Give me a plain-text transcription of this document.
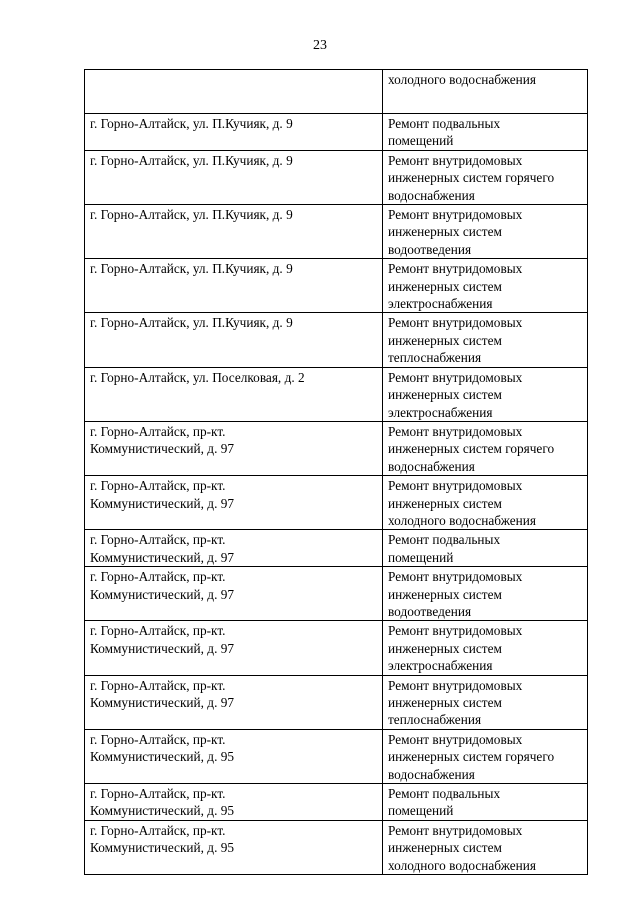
23
	холодного водоснабжения
г. Горно-Алтайск, ул. П.Кучияк, д. 9	Ремонт подвальных
помещений
г. Горно-Алтайск, ул. П.Кучияк, д. 9	Ремонт внутридомовых
инженерных систем горячего
водоснабжения
г. Горно-Алтайск, ул. П.Кучияк, д. 9	Ремонт внутридомовых
инженерных систем
водоотведения
г. Горно-Алтайск, ул. П.Кучияк, д. 9	Ремонт внутридомовых
инженерных систем
электроснабжения
г. Горно-Алтайск, ул. П.Кучияк, д. 9	Ремонт внутридомовых
инженерных систем
теплоснабжения
г. Горно-Алтайск, ул. Поселковая, д. 2	Ремонт внутридомовых
инженерных систем
электроснабжения
г. Горно-Алтайск, пр-кт.
Коммунистический, д. 97	Ремонт внутридомовых
инженерных систем горячего
водоснабжения
г. Горно-Алтайск, пр-кт.
Коммунистический, д. 97	Ремонт внутридомовых
инженерных систем
холодного водоснабжения
г. Горно-Алтайск, пр-кт.
Коммунистический, д. 97	Ремонт подвальных
помещений
г. Горно-Алтайск, пр-кт.
Коммунистический, д. 97	Ремонт внутридомовых
инженерных систем
водоотведения
г. Горно-Алтайск, пр-кт.
Коммунистический, д. 97	Ремонт внутридомовых
инженерных систем
электроснабжения
г. Горно-Алтайск, пр-кт.
Коммунистический, д. 97	Ремонт внутридомовых
инженерных систем
теплоснабжения
г. Горно-Алтайск, пр-кт.
Коммунистический, д. 95	Ремонт внутридомовых
инженерных систем горячего
водоснабжения
г. Горно-Алтайск, пр-кт.
Коммунистический, д. 95	Ремонт подвальных
помещений
г. Горно-Алтайск, пр-кт.
Коммунистический, д. 95	Ремонт внутридомовых
инженерных систем
холодного водоснабжения
